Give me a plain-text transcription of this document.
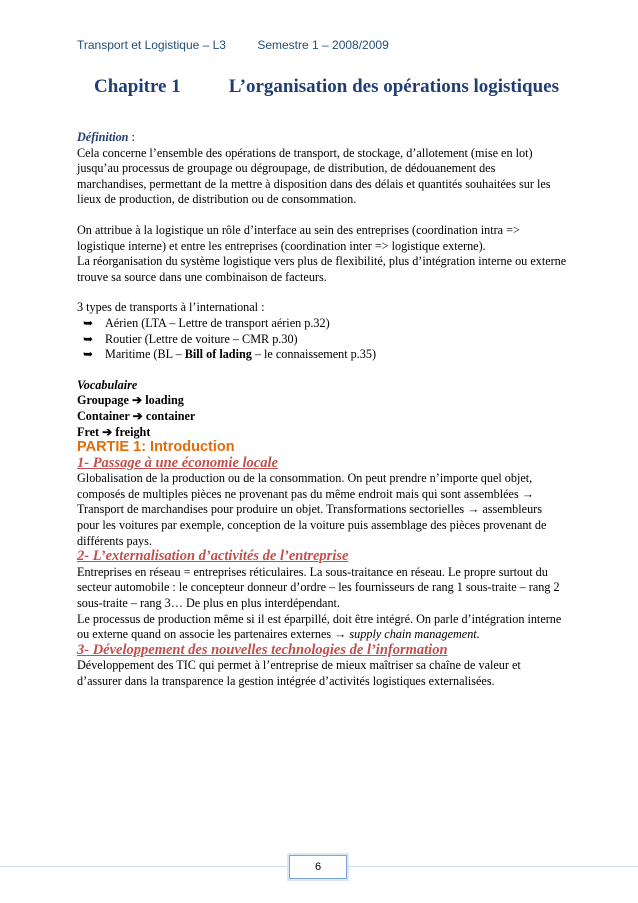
Transport et Logistique – L3	Semestre 1 – 2008/2009
Chapitre 1	L’organisation des opérations logistiques

Définition :

Cela concerne l’ensemble des opérations de transport, de stockage, d’allotement (mise en lot) jusqu’au processus de groupage ou dégroupage, de distribution, de dédouanement des marchandises, permettant de la mettre à disposition dans des délais et quantités souhaitées sur les lieux de production, de distribution ou de consommation.

On attribue à la logistique un rôle d’interface au sein des entreprises (coordination intra => logistique interne) et entre les entreprises (coordination inter => logistique externe).

La réorganisation du système logistique vers plus de flexibilité, plus d’intégration interne ou externe trouve sa source dans une combinaison de facteurs.

3 types de transports à l’international :

➥ Aérien (LTA – Lettre de transport aérien p.32)
➥ Routier (Lettre de voiture – CMR p.30)
➥ Maritime (BL – Bill of lading – le connaissement p.35)

Vocabulaire

Groupage ➔ loading

Container ➔ container

Fret ➔ freight

PARTIE 1: Introduction

1- Passage à une économie locale

Globalisation de la production ou de la consommation. On peut prendre n’importe quel objet, composés de multiples pièces ne provenant pas du même endroit mais qui sont assemblées → Transport de marchandises pour produire un objet. Transformations sectorielles → assembleurs pour les voitures par exemple, conception de la voiture puis assemblage des pièces provenant de différents pays.

2- L’externalisation d’activités de l’entreprise

Entreprises en réseau = entreprises réticulaires. La sous-traitance en réseau. Le propre surtout du secteur automobile : le concepteur donneur d’ordre – les fournisseurs de rang 1 sous-traite – rang 2 sous-traite – rang 3… De plus en plus interdépendant.

Le processus de production même si il est éparpillé, doit être intégré. On parle d’intégration interne ou externe quand on associe les partenaires externes → supply chain management.

3- Développement des nouvelles technologies de l’information

Développement des TIC qui permet à l’entreprise de mieux maîtriser sa chaîne de valeur et d’assurer dans la transparence la gestion intégrée d’activités logistiques externalisées.

6
